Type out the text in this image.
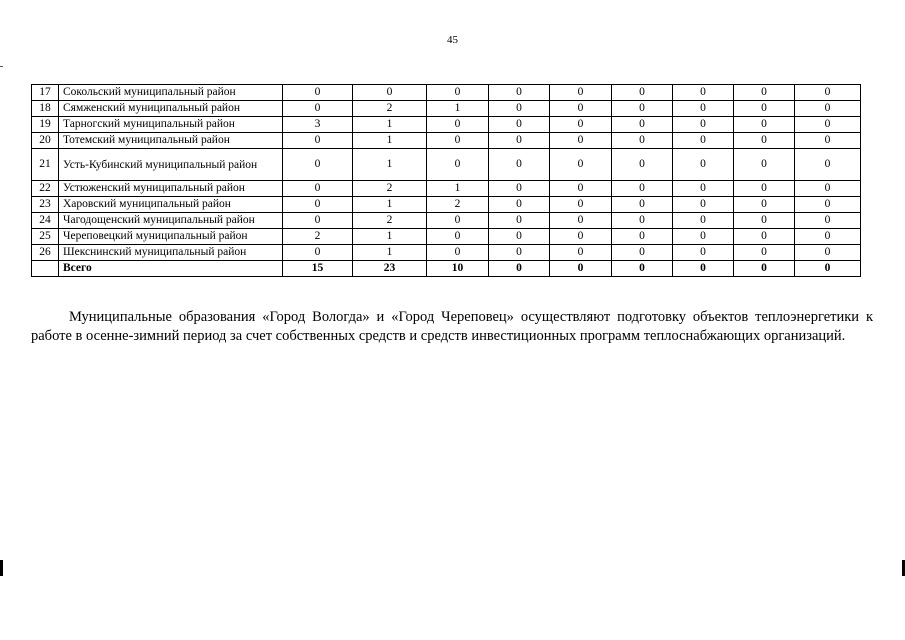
45
17	Сокольский муниципальный район	0	0	0	0	0	0	0	0	0
18	Сямженский муниципальный район	0	2	1	0	0	0	0	0	0
19	Тарногский муниципальный район	3	1	0	0	0	0	0	0	0
20	Тотемский муниципальный район	0	1	0	0	0	0	0	0	0
21	Усть-Кубинский муниципальный район	0	1	0	0	0	0	0	0	0
22	Устюженский муниципальный район	0	2	1	0	0	0	0	0	0
23	Харовский муниципальный район	0	1	2	0	0	0	0	0	0
24	Чагодощенский муниципальный район	0	2	0	0	0	0	0	0	0
25	Череповецкий муниципальный район	2	1	0	0	0	0	0	0	0
26	Шекснинский муниципальный район	0	1	0	0	0	0	0	0	0
	Всего	15	23	10	0	0	0	0	0	0

Муниципальные образования «Город Вологда» и «Город Череповец» осуществляют подготовку объектов теплоэнергетики к работе в осенне-зимний период за счет собственных средств и средств инвестиционных программ теплоснабжающих организаций.
